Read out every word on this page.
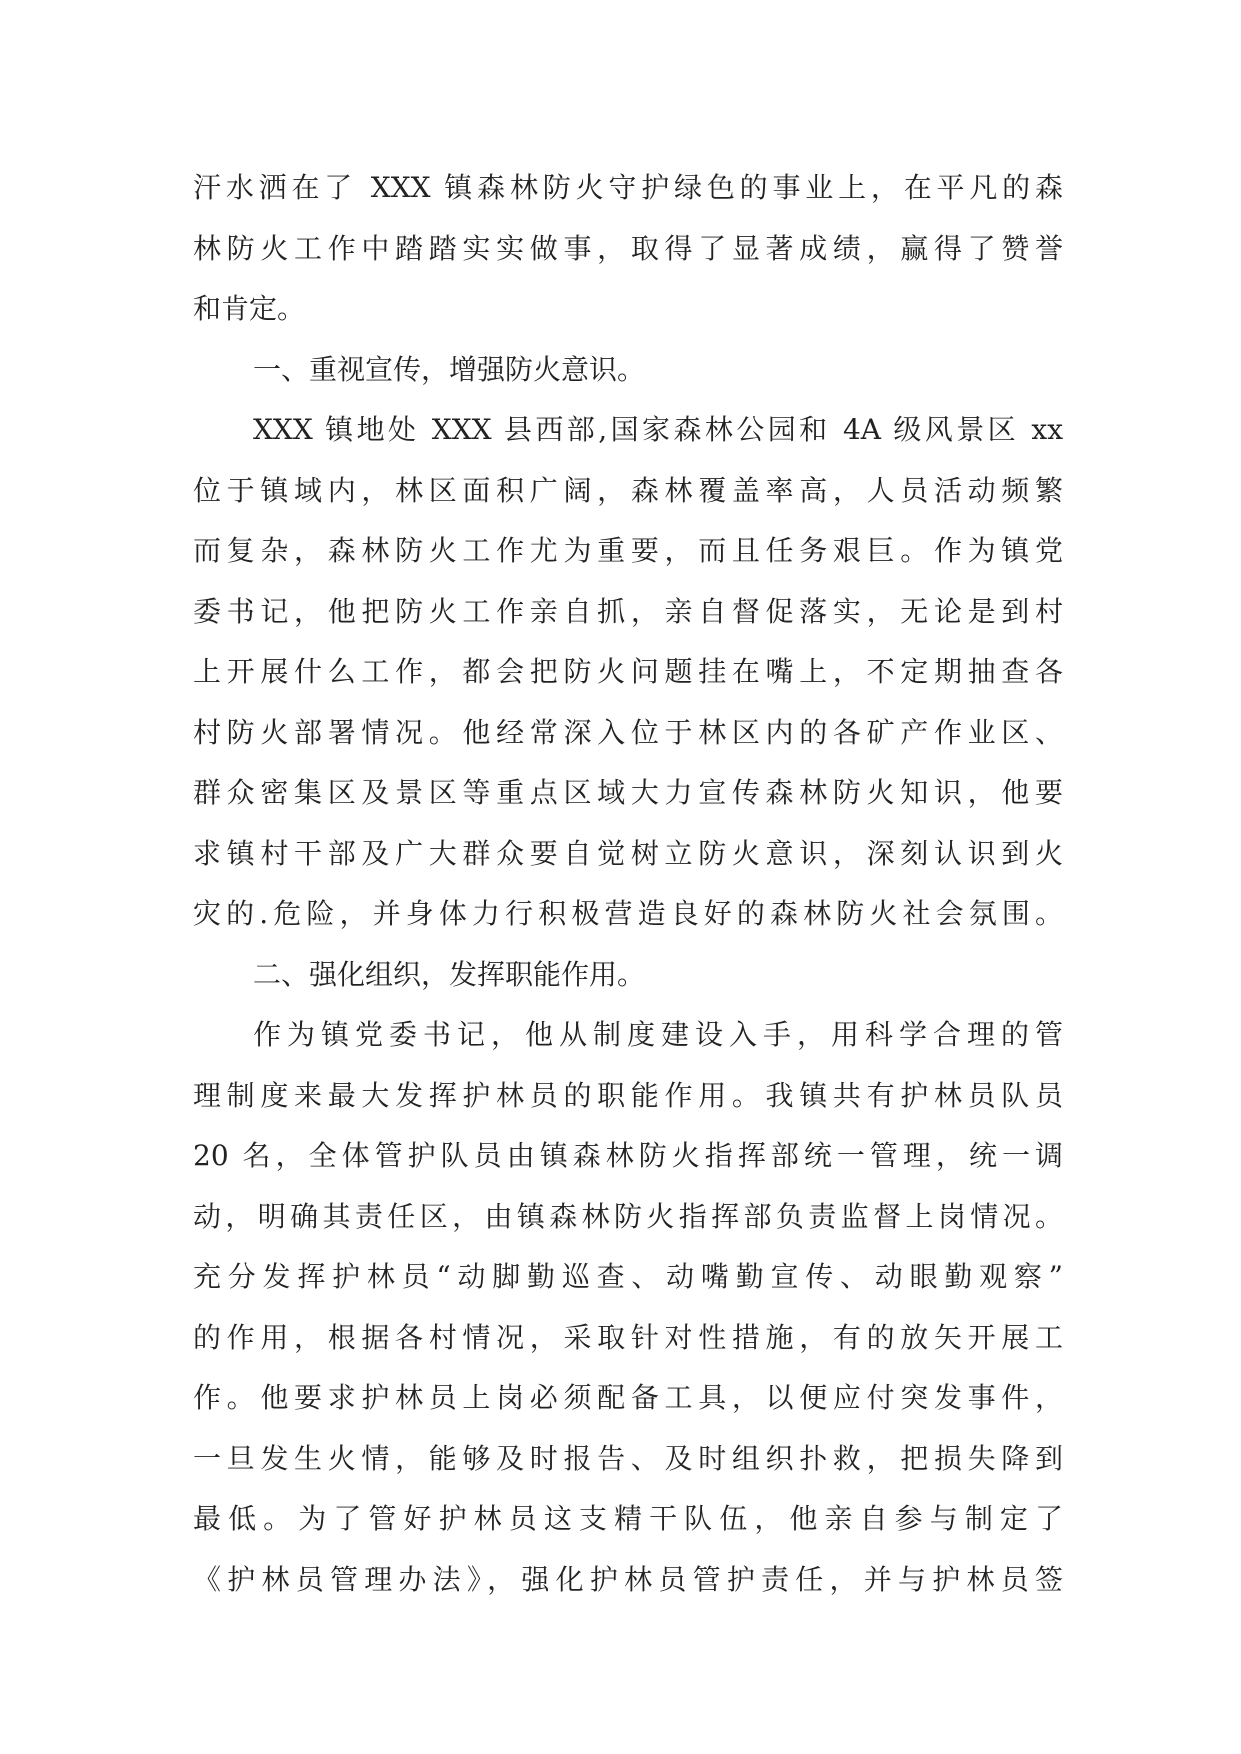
汗水洒在了 XXX 镇森林防火守护绿色的事业上，在平凡的森
林防火工作中踏踏实实做事，取得了显著成绩，赢得了赞誉
和肯定。
一、重视宣传，增强防火意识。
XXX 镇地处 XXX 县西部,国家森林公园和 4A 级风景区 xx
位于镇域内，林区面积广阔，森林覆盖率高，人员活动频繁
而复杂，森林防火工作尤为重要，而且任务艰巨。作为镇党
委书记，他把防火工作亲自抓，亲自督促落实，无论是到村
上开展什么工作，都会把防火问题挂在嘴上，不定期抽查各
村防火部署情况。他经常深入位于林区内的各矿产作业区、
群众密集区及景区等重点区域大力宣传森林防火知识，他要
求镇村干部及广大群众要自觉树立防火意识，深刻认识到火
灾的.危险，并身体力行积极营造良好的森林防火社会氛围。
二、强化组织，发挥职能作用。
作为镇党委书记，他从制度建设入手，用科学合理的管
理制度来最大发挥护林员的职能作用。我镇共有护林员队员
20 名，全体管护队员由镇森林防火指挥部统一管理，统一调
动，明确其责任区，由镇森林防火指挥部负责监督上岗情况。
充分发挥护林员“动脚勤巡查、动嘴勤宣传、动眼勤观察”
的作用，根据各村情况，采取针对性措施，有的放矢开展工
作。他要求护林员上岗必须配备工具，以便应付突发事件，
一旦发生火情，能够及时报告、及时组织扑救，把损失降到
最低。为了管好护林员这支精干队伍，他亲自参与制定了
《护林员管理办法》，强化护林员管护责任，并与护林员签
